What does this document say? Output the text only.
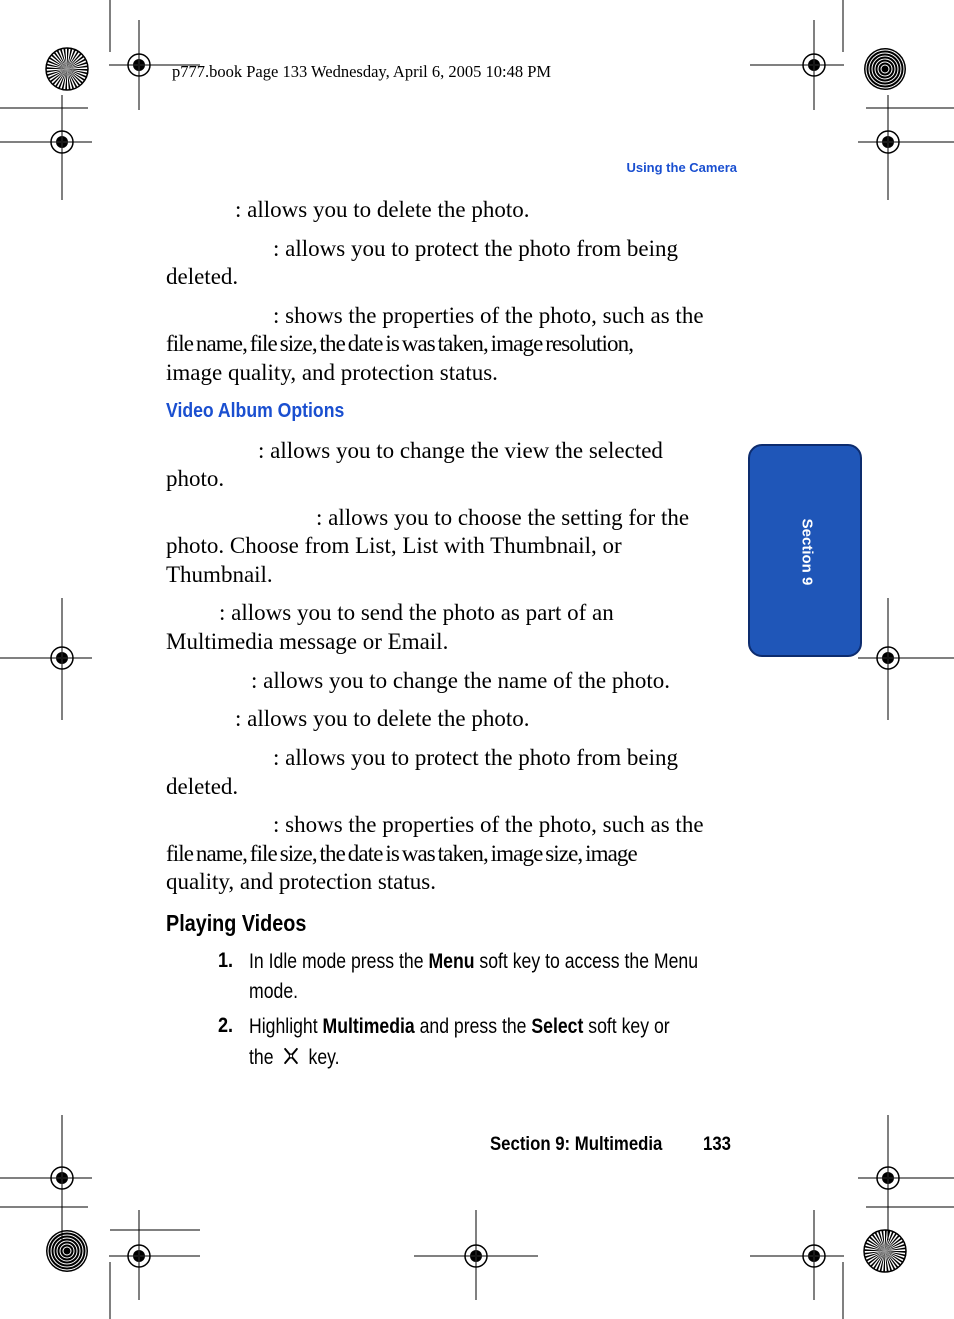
p777.book Page 133 Wednesday, April 6, 2005 10:48 PM
Using the Camera
Section 9
: allows you to delete the photo.
: allows you to protect the photo from being
deleted.
: shows the properties of the photo, such as the
file name, file size, the date is was taken, image resolution,
image quality, and protection status.
Video Album Options
: allows you to change the view the selected
photo.
: allows you to choose the setting for the
photo. Choose from List, List with Thumbnail, or
Thumbnail.
: allows you to send the photo as part of an
Multimedia message or Email.
: allows you to change the name of the photo.
: allows you to delete the photo.
: allows you to protect the photo from being
deleted.
: shows the properties of the photo, such as the
file name, file size, the date is was taken, image size, image
quality, and protection status.
Playing Videos
1. In Idle mode press the Menu soft key to access the Menu
mode.
2. Highlight Multimedia and press the Select soft key or
the  key.
Section 9: Multimedia 133
